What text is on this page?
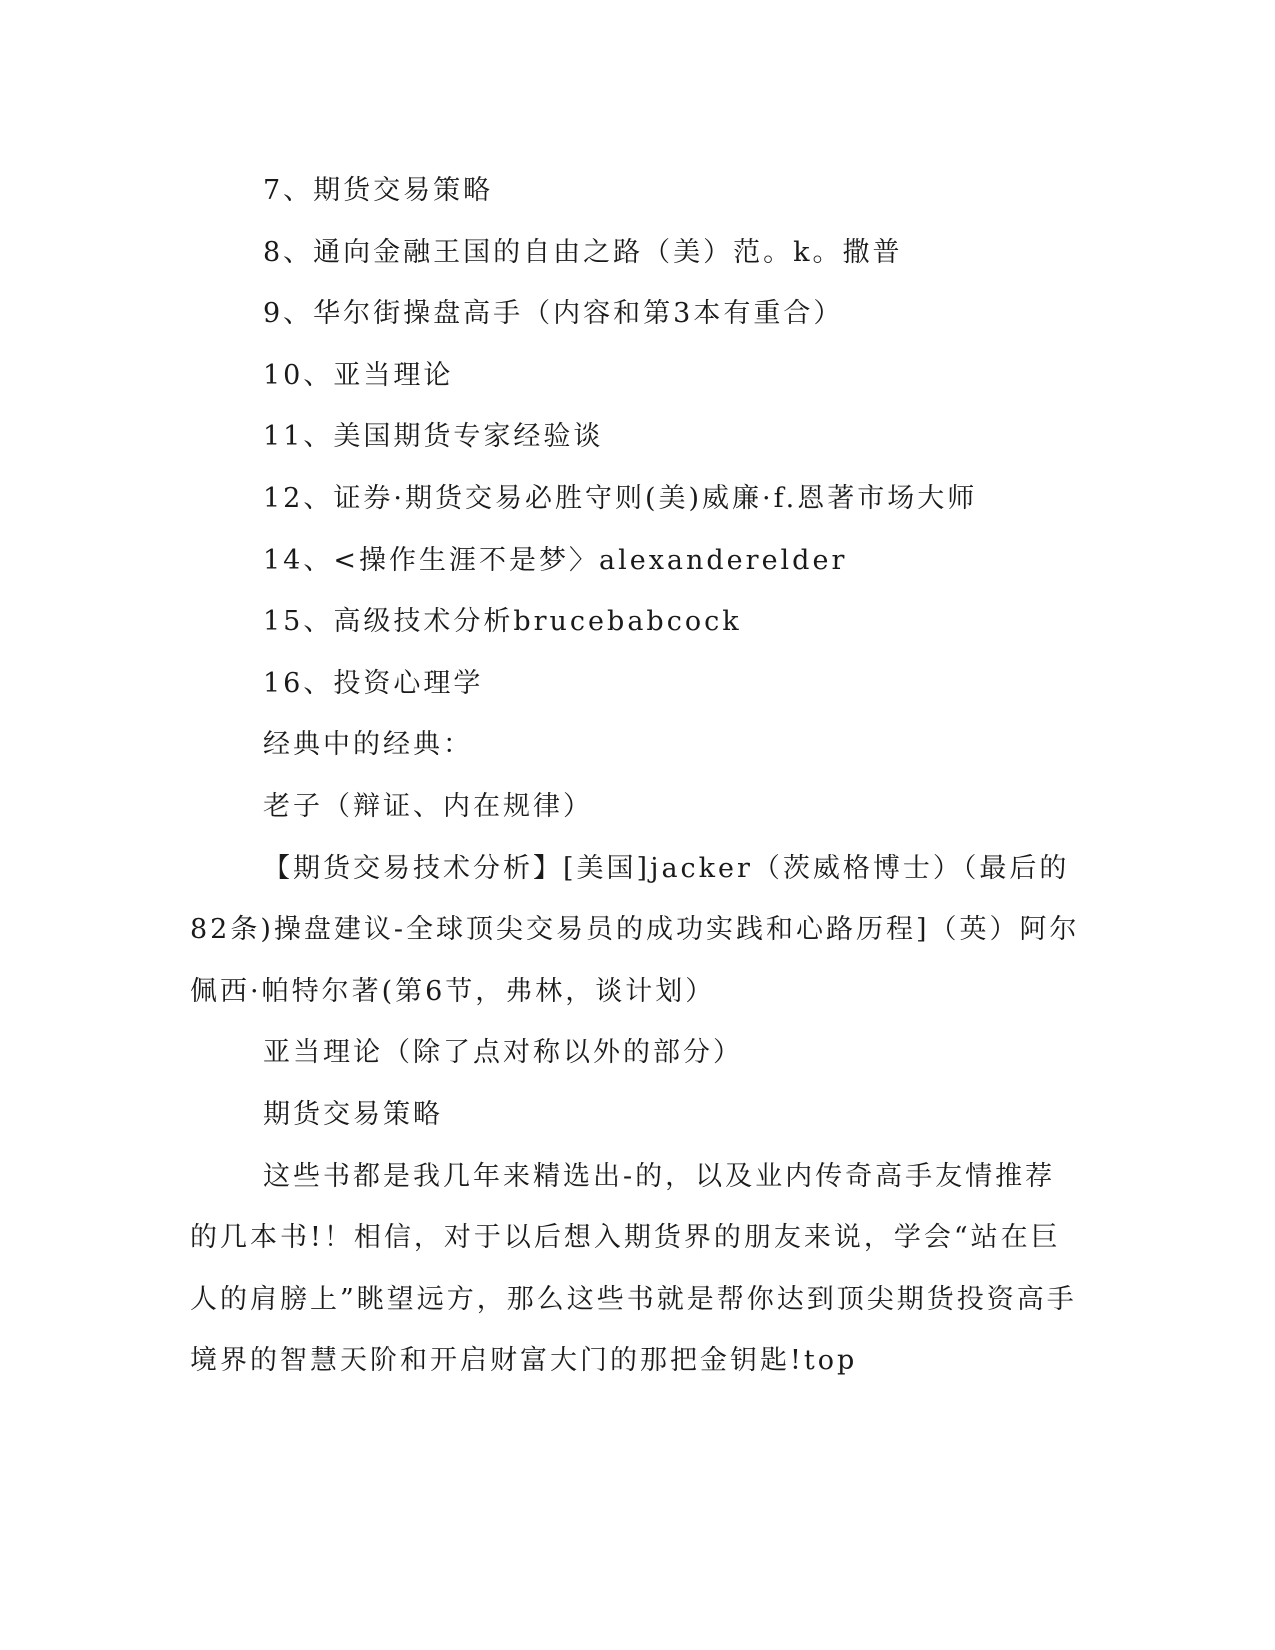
7、期货交易策略

8、通向金融王国的自由之路（美）范。k。撒普

9、华尔街操盘高手（内容和第3本有重合）

10、亚当理论

11、美国期货专家经验谈

12、证券·期货交易必胜守则(美)威廉·f.恩著市场大师

14、<操作生涯不是梦〉alexanderelder

15、高级技术分析brucebabcock

16、投资心理学

经典中的经典：

老子（辩证、内在规律）

【期货交易技术分析】[美国]jacker（茨威格博士）（最后的82条)操盘建议-全球顶尖交易员的成功实践和心路历程]（英）阿尔佩西·帕特尔著(第6节，弗林，谈计划）

亚当理论（除了点对称以外的部分）

期货交易策略

这些书都是我几年来精选出-的，以及业内传奇高手友情推荐的几本书!！相信，对于以后想入期货界的朋友来说，学会“站在巨人的肩膀上”眺望远方，那么这些书就是帮你达到顶尖期货投资高手境界的智慧天阶和开启财富大门的那把金钥匙!top
